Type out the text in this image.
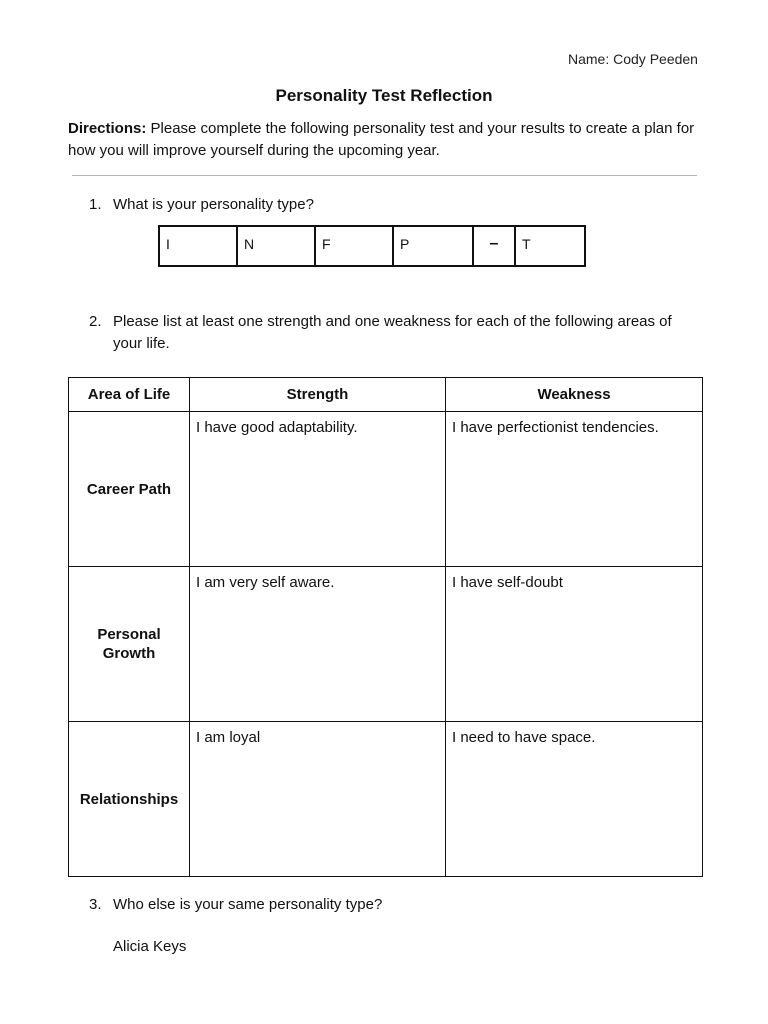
Name: Cody Peeden
Personality Test Reflection
Directions: Please complete the following personality test and your results to create a plan for how you will improve yourself during the upcoming year.
1. What is your personality type?
I	N	F	P	–	T
2. Please list at least one strength and one weakness for each of the following areas of your life.
Area of Life	Strength	Weakness
Career Path	I have good adaptability.	I have perfectionist tendencies.
Personal Growth	I am very self aware.	I have self-doubt
Relationships	I am loyal	I need to have space.
3. Who else is your same personality type?
Alicia Keys
